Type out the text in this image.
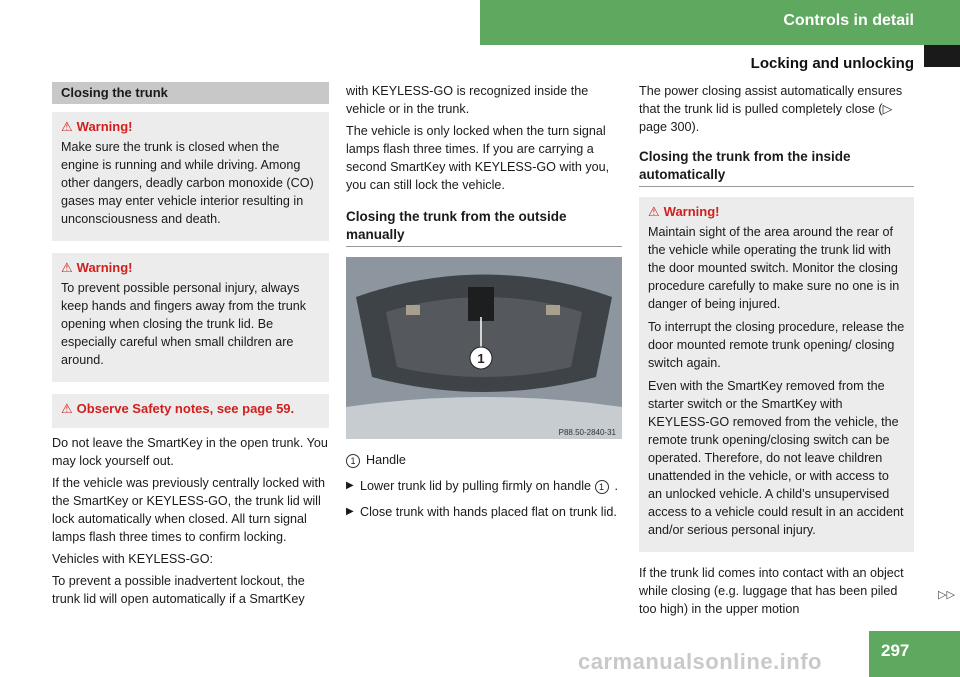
Controls in detail
Locking and unlocking
Closing the trunk
⚠ Warning!

Make sure the trunk is closed when the engine is running and while driving. Among other dangers, deadly carbon monoxide (CO) gases may enter vehicle interior resulting in unconsciousness and death.

⚠ Warning!

To prevent possible personal injury, always keep hands and fingers away from the trunk opening when closing the trunk lid. Be especially careful when small children are around.

⚠ Observe Safety notes, see page 59.

Do not leave the SmartKey in the open trunk. You may lock yourself out.

If the vehicle was previously centrally locked with the SmartKey or KEYLESS-GO, the trunk lid will lock automatically when closed. All turn signal lamps flash three times to confirm locking.

Vehicles with KEYLESS-GO:

To prevent a possible inadvertent lockout, the trunk lid will open automatically if a SmartKey

with KEYLESS-GO is recognized inside the vehicle or in the trunk.

The vehicle is only locked when the turn signal lamps flash three times. If you are carrying a second SmartKey with KEYLESS-GO with you, you can still lock the vehicle.

Closing the trunk from the outside manually
1
P88.50-2840-31
1 Handle
▶ Lower trunk lid by pulling firmly on handle 1 .
▶ Close trunk with hands placed flat on trunk lid.

The power closing assist automatically ensures that the trunk lid is pulled completely close (▷ page 300).

Closing the trunk from the inside automatically
⚠ Warning!

Maintain sight of the area around the rear of the vehicle while operating the trunk lid with the door mounted switch. Monitor the closing procedure carefully to make sure no one is in danger of being injured.

To interrupt the closing procedure, release the door mounted remote trunk opening/ closing switch again.

Even with the SmartKey removed from the starter switch or the SmartKey with KEYLESS-GO removed from the vehicle, the remote trunk opening/closing switch can be operated. Therefore, do not leave children unattended in the vehicle, or with access to an unlocked vehicle. A child’s unsupervised access to a vehicle could result in an accident and/or serious personal injury.

If the trunk lid comes into contact with an object while closing (e.g. luggage that has been piled too high) in the upper motion

▷▷
carmanualsonline.info	297
